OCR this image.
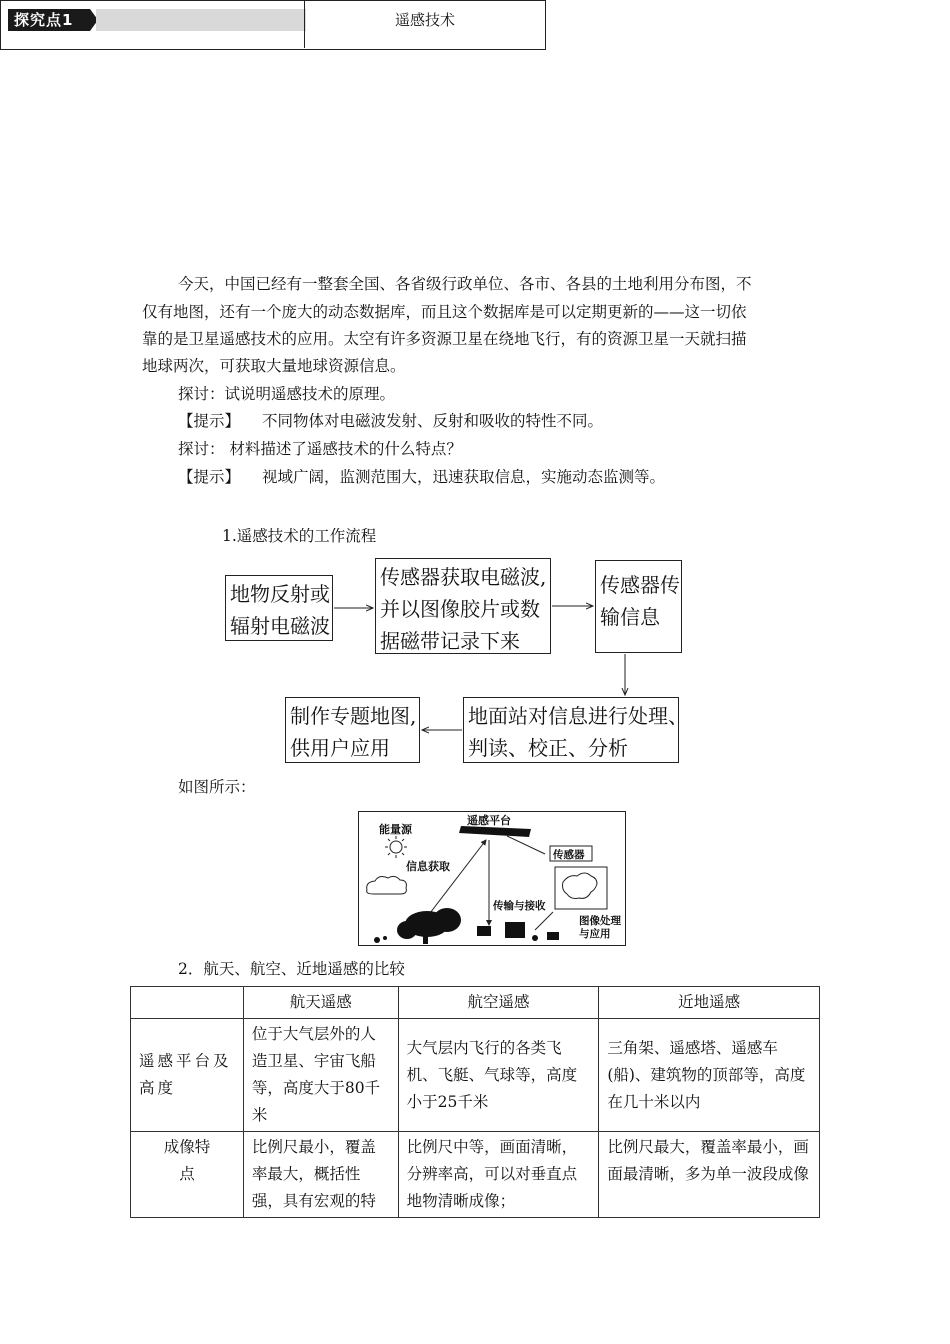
探究点1	遥感技术
今天，中国已经有一整套全国、各省级行政单位、各市、各县的土地利用分布图，不
仅有地图，还有一个庞大的动态数据库，而且这个数据库是可以定期更新的——这一切依
靠的是卫星遥感技术的应用。太空有许多资源卫星在绕地飞行，有的资源卫星一天就扫描
地球两次，可获取大量地球资源信息。
探讨：试说明遥感技术的原理。
【提示】 不同物体对电磁波发射、反射和吸收的特性不同。
探讨： 材料描述了遥感技术的什么特点？
【提示】 视域广阔，监测范围大，迅速获取信息，实施动态监测等。
1.遥感技术的工作流程
地物反射或
辐射电磁波
传感器获取电磁波,
并以图像胶片或数
据磁带记录下来
传感器传
输信息
地面站对信息进行处理、
判读、校正、分析
制作专题地图,
供用户应用
如图所示：
能量源
遥感平台
传感器
信息获取
传输与接收
图像处理
与应用
2．航天、航空、近地遥感的比较
	航天遥感	航空遥感	近地遥感
遥感平台及高度	位于大气层外的人造卫星、宇宙飞船等，高度大于80千米	大气层内飞行的各类飞机、飞艇、气球等，高度小于25千米	三角架、遥感塔、遥感车(船)、建筑物的顶部等，高度在几十米以内
成像特点	比例尺最小，覆盖率最大，概括性强，具有宏观的特	比例尺中等，画面清晰，分辨率高，可以对垂直点地物清晰成像；	比例尺最大，覆盖率最小，画面最清晰，多为单一波段成像
